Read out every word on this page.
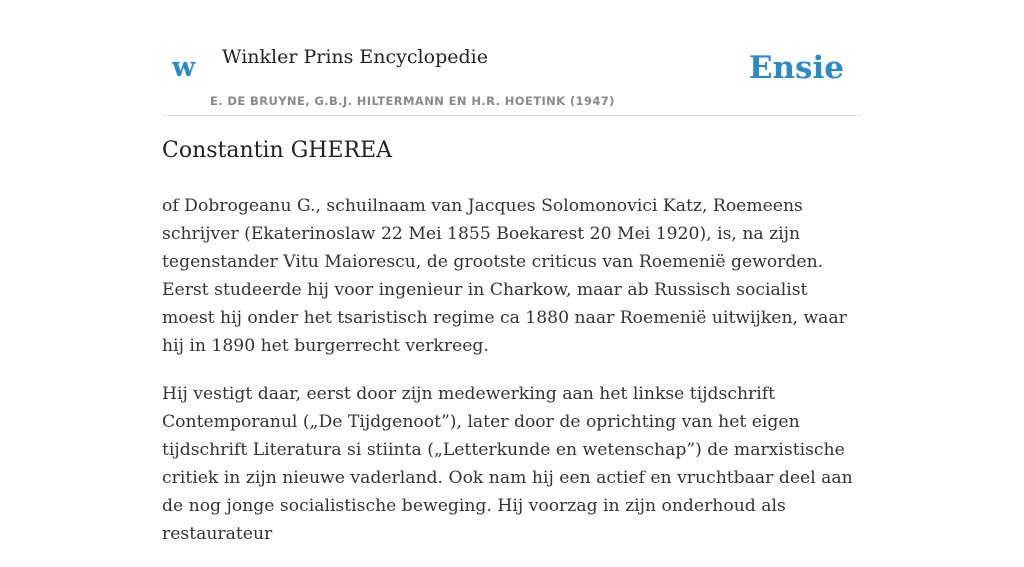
w Winkler Prins Encyclopedie
E. DE BRUYNE, G.B.J. HILTERMANN EN H.R. HOETINK (1947)
Ensie
Constantin GHEREA

of Dobrogeanu G., schuilnaam van Jacques Solomonovici Katz, Roemeens schrijver (Ekaterinoslaw 22 Mei 1855 Boekarest 20 Mei 1920), is, na zijn tegenstander Vitu Maiorescu, de grootste criticus van Roemenië geworden. Eerst studeerde hij voor ingenieur in Charkow, maar ab Russisch socialist moest hij onder het tsaristisch regime ca 1880 naar Roemenië uitwijken, waar hij in 1890 het burgerrecht verkreeg.

Hij vestigt daar, eerst door zijn medewerking aan het linkse tijdschrift Contemporanul („De Tijdgenoot”), later door de oprichting van het eigen tijdschrift Literatura si stiinta („Letterkunde en wetenschap”) de marxistische critiek in zijn nieuwe vaderland. Ook nam hij een actief en vruchtbaar deel aan de nog jonge socialistische beweging. Hij voorzag in zijn onderhoud als restaurateur
